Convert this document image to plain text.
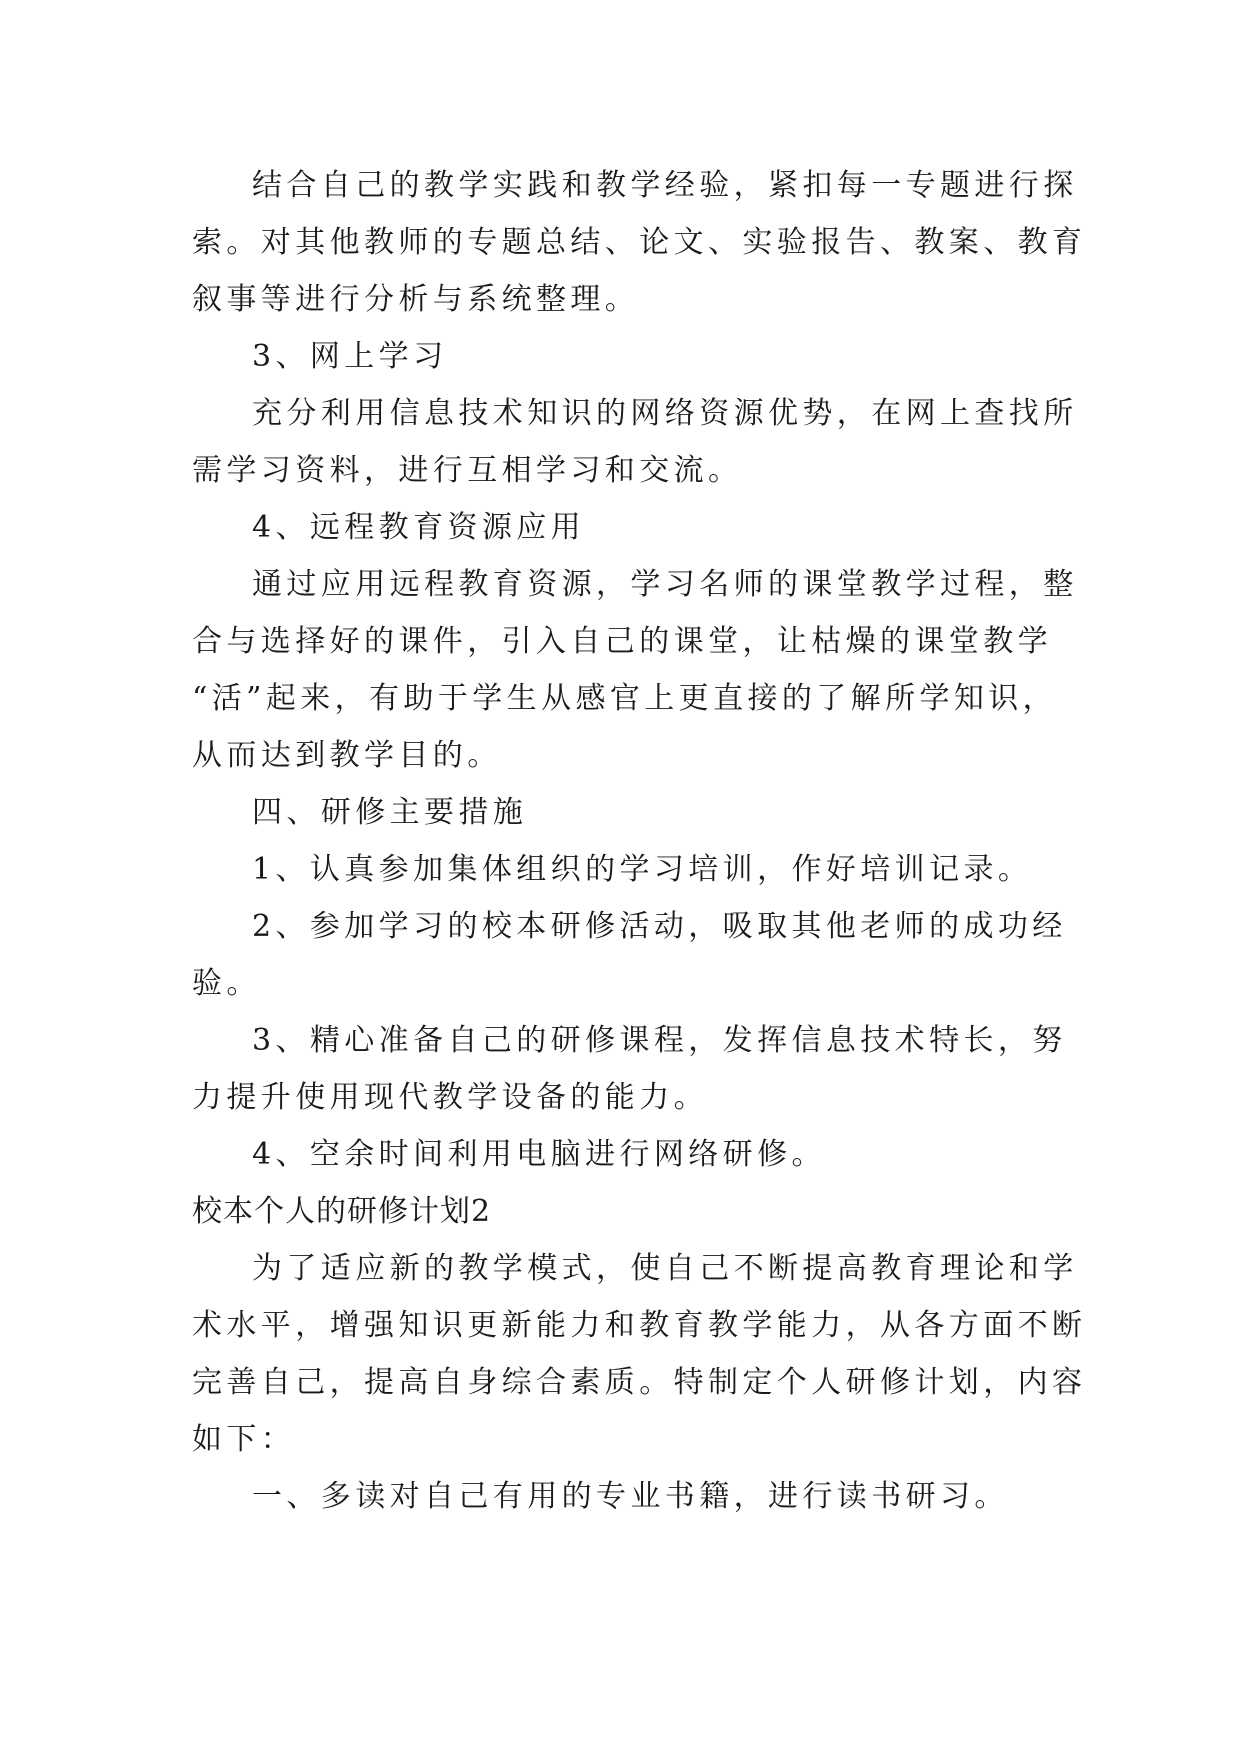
结合自己的教学实践和教学经验，紧扣每一专题进行探
索。对其他教师的专题总结、论文、实验报告、教案、教育
叙事等进行分析与系统整理。
3、网上学习
充分利用信息技术知识的网络资源优势，在网上查找所
需学习资料，进行互相学习和交流。
4、远程教育资源应用
通过应用远程教育资源，学习名师的课堂教学过程，整
合与选择好的课件，引入自己的课堂，让枯燥的课堂教学
“活”起来，有助于学生从感官上更直接的了解所学知识，
从而达到教学目的。
四、研修主要措施
1、认真参加集体组织的学习培训，作好培训记录。
2、参加学习的校本研修活动，吸取其他老师的成功经
验。
3、精心准备自己的研修课程，发挥信息技术特长，努
力提升使用现代教学设备的能力。
4、空余时间利用电脑进行网络研修。
校本个人的研修计划2
为了适应新的教学模式，使自己不断提高教育理论和学
术水平，增强知识更新能力和教育教学能力，从各方面不断
完善自己，提高自身综合素质。特制定个人研修计划，内容
如下：
一、多读对自己有用的专业书籍，进行读书研习。
